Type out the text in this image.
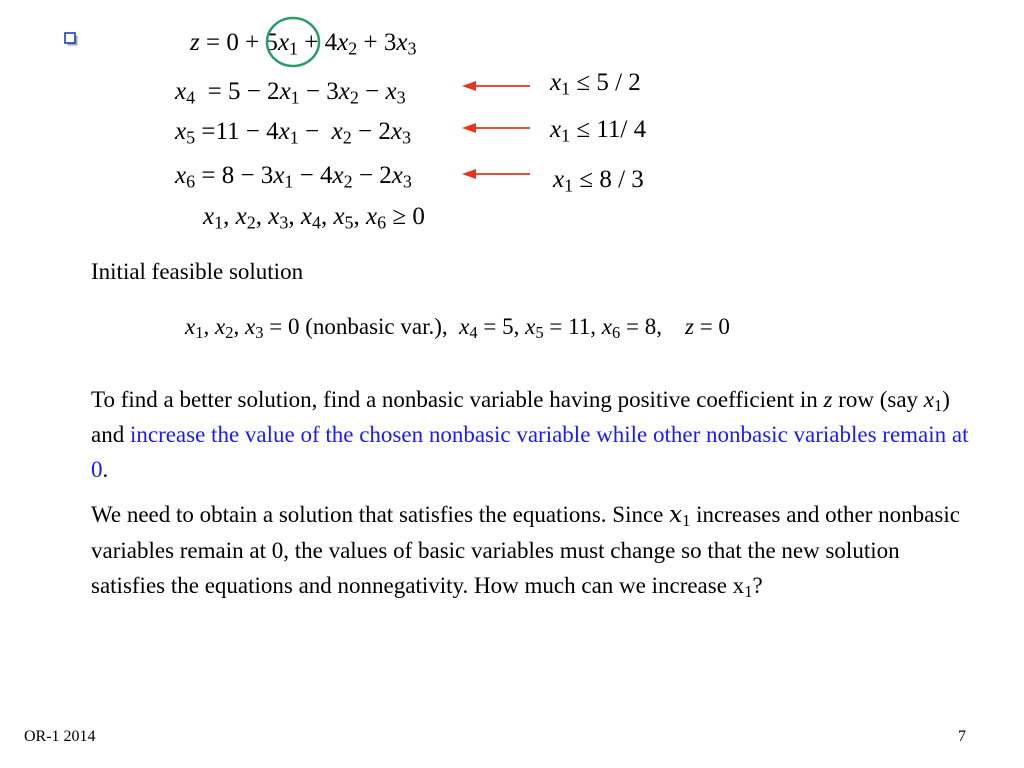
$z = 0 + 5x_1 + 4x_2 + 3x_3$
$x_4 = 5 - 2x_1 - 3x_2 - x_3$
$x_5 =11 - 4x_1 - x_2 - 2x_3$
$x_6 = 8 - 3x_1 - 4x_2 - 2x_3$
$x_1$, $x_2$, $x_3$, $x_4$, $x_5$, $x_6 \ge 0$
$x_1 \le 5 / 2$
$x_1 \le 11/$ 4
$x_1 \le 8 / 3$
Initial feasible solution
$x_1$, $x_2$, $x_3 = 0$ (nonbasic var.),  $x_4 = 5$, $x_5 = 11$, $x_6 = 8$,    z = 0
To find a better solution, find a nonbasic variable having positive coefficient in z row (say $x_1$) and increase the value of the chosen nonbasic variable while other nonbasic variables remain at 0.
We need to obtain a solution that satisfies the equations. Since $x_1$ increases and other nonbasic variables remain at 0, the values of basic variables must change so that the new solution satisfies the equations and nonnegativity. How much can we increase $x_1$?
OR-1 2014	7
